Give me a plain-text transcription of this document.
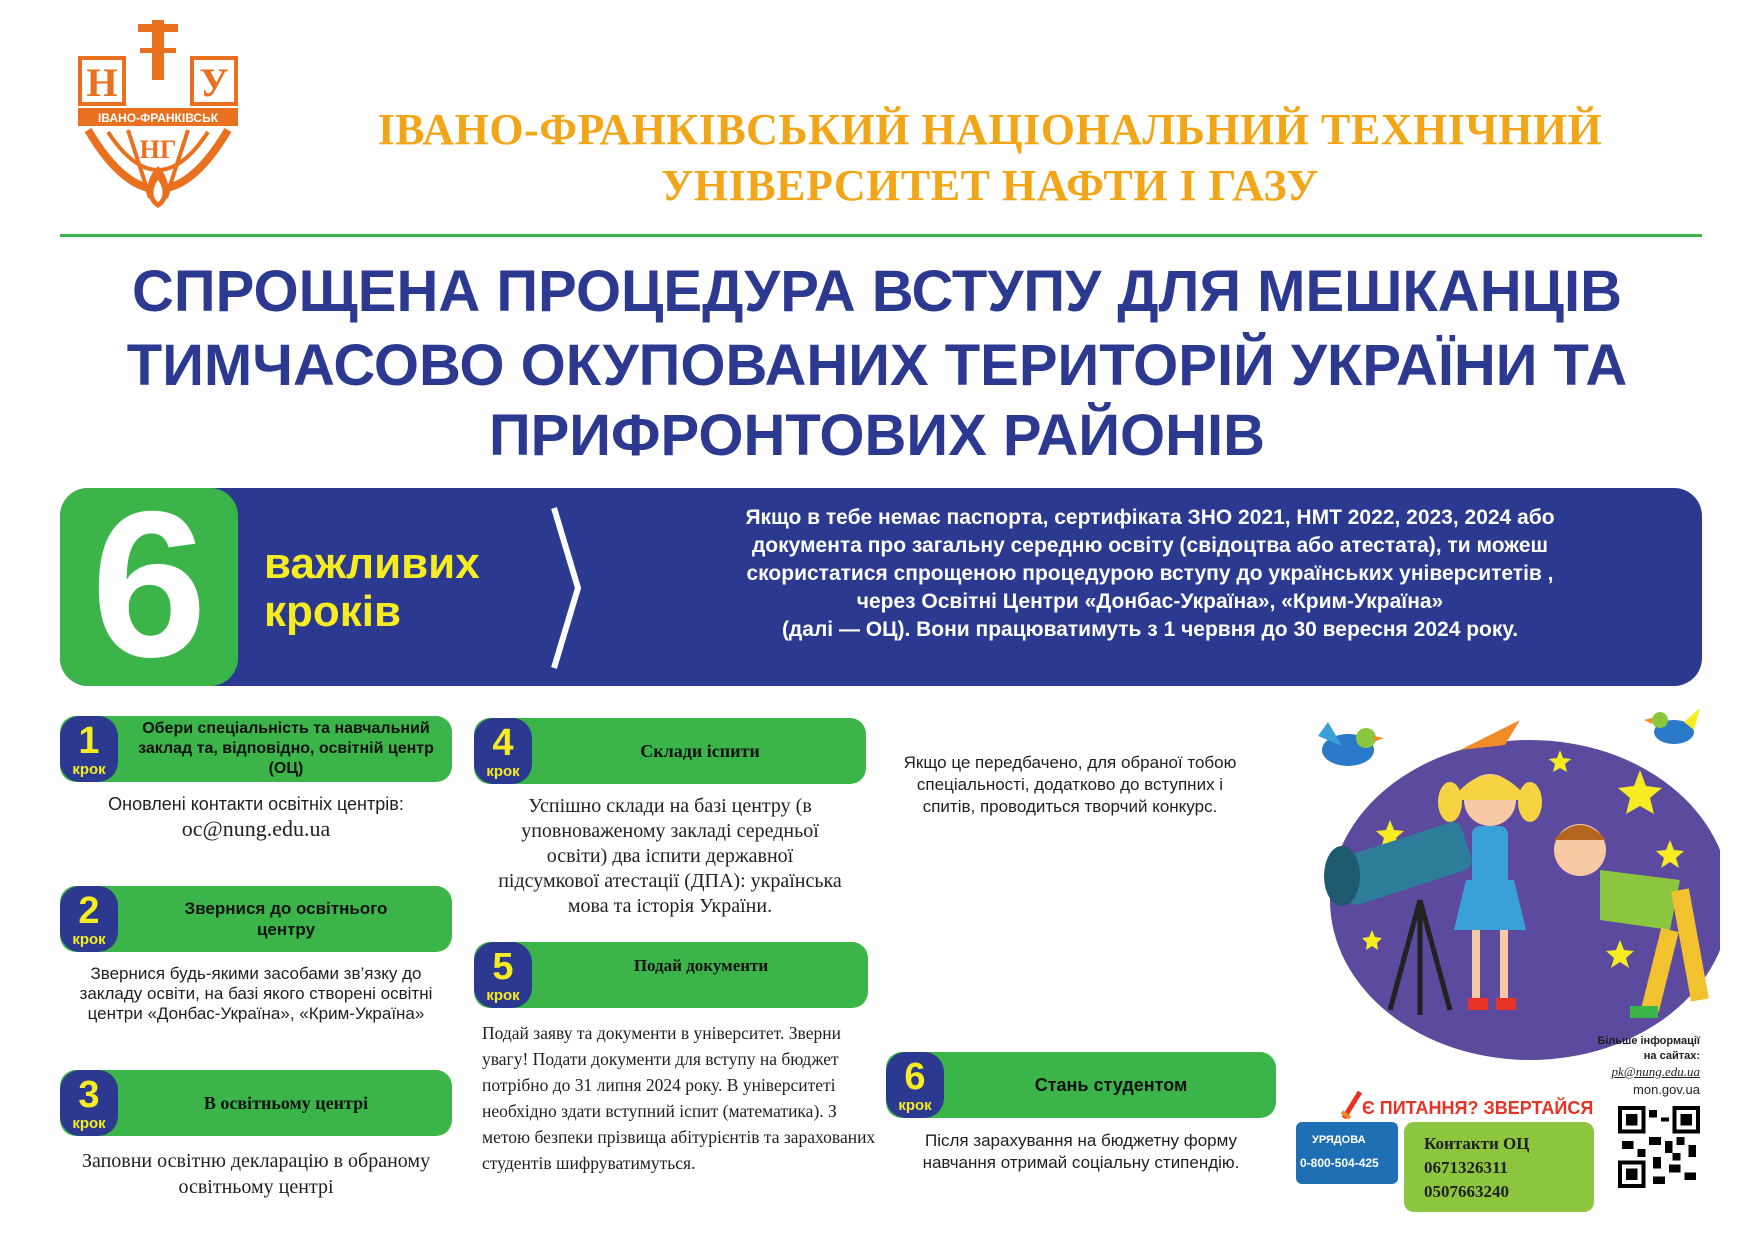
Н У
ІВАНО-ФРАНКІВСЬК
НГ	ІВАНО-ФРАНКІВСЬКИЙ НАЦІОНАЛЬНИЙ ТЕХНІЧНИЙ
УНІВЕРСИТЕТ НАФТИ І ГАЗУ
СПРОЩЕНА ПРОЦЕДУРА ВСТУПУ ДЛЯ МЕШКАНЦІВ
ТИМЧАСОВО ОКУПОВАНИХ ТЕРИТОРІЙ УКРАЇНИ ТА
ПРИФРОНТОВИХ РАЙОНІВ
6	важливих
кроків
Якщо в тебе немає паспорта, сертифіката ЗНО 2021, НМТ 2022, 2023, 2024 або
документа про загальну середню освіту (свідоцтва або атестата), ти можеш
скористатися спрощеною процедурою вступу до українських університетів ,
через Освітні Центри «Донбас-Україна», «Крим-Україна»
(далі — ОЦ). Вони працюватимуть з 1 червня до 30 вересня 2024 року.
1
крок
Обери спеціальність та навчальний заклад та, відповідно, освітній центр (ОЦ)
Оновлені контакти освітніх центрів:
oc@nung.edu.ua
2
крок
Звернися до освітнього центру
Звернися будь-якими засобами зв’язку до закладу освіти, на базі якого створені освітні центри «Донбас-Україна», «Крим-Україна»
3
крок
В освітньому центрі
Заповни освітню декларацію в обраному освітньому центрі
4
крок
Склади іспити
Успішно склади на базі центру (в уповноваженому закладі середньої освіти) два іспити державної підсумкової атестації (ДПА): українська мова та історія України.
5
крок
Подай документи
Подай заяву та документи в університет. Зверни увагу! Подати документи для вступу на бюджет потрібно до 31 липня 2024 року. В університеті необхідно здати вступний іспит (математика). З метою безпеки прізвища абітурієнтів та зарахованих студентів шифруватимуться.
6
крок
Стань студентом
Після зарахування на бюджетну форму навчання отримай соціальну стипендію.
Якщо це передбачено, для обраної тобою спеціальності, додатково до вступних і спитів, проводиться творчий конкурс.
Більше інформації
на сайтах:
pk@nung.edu.ua
mon.gov.ua
Є ПИТАННЯ? ЗВЕРТАЙСЯ
УРЯДОВА
0-800-504-425
Контакти ОЦ
0671326311
0507663240
